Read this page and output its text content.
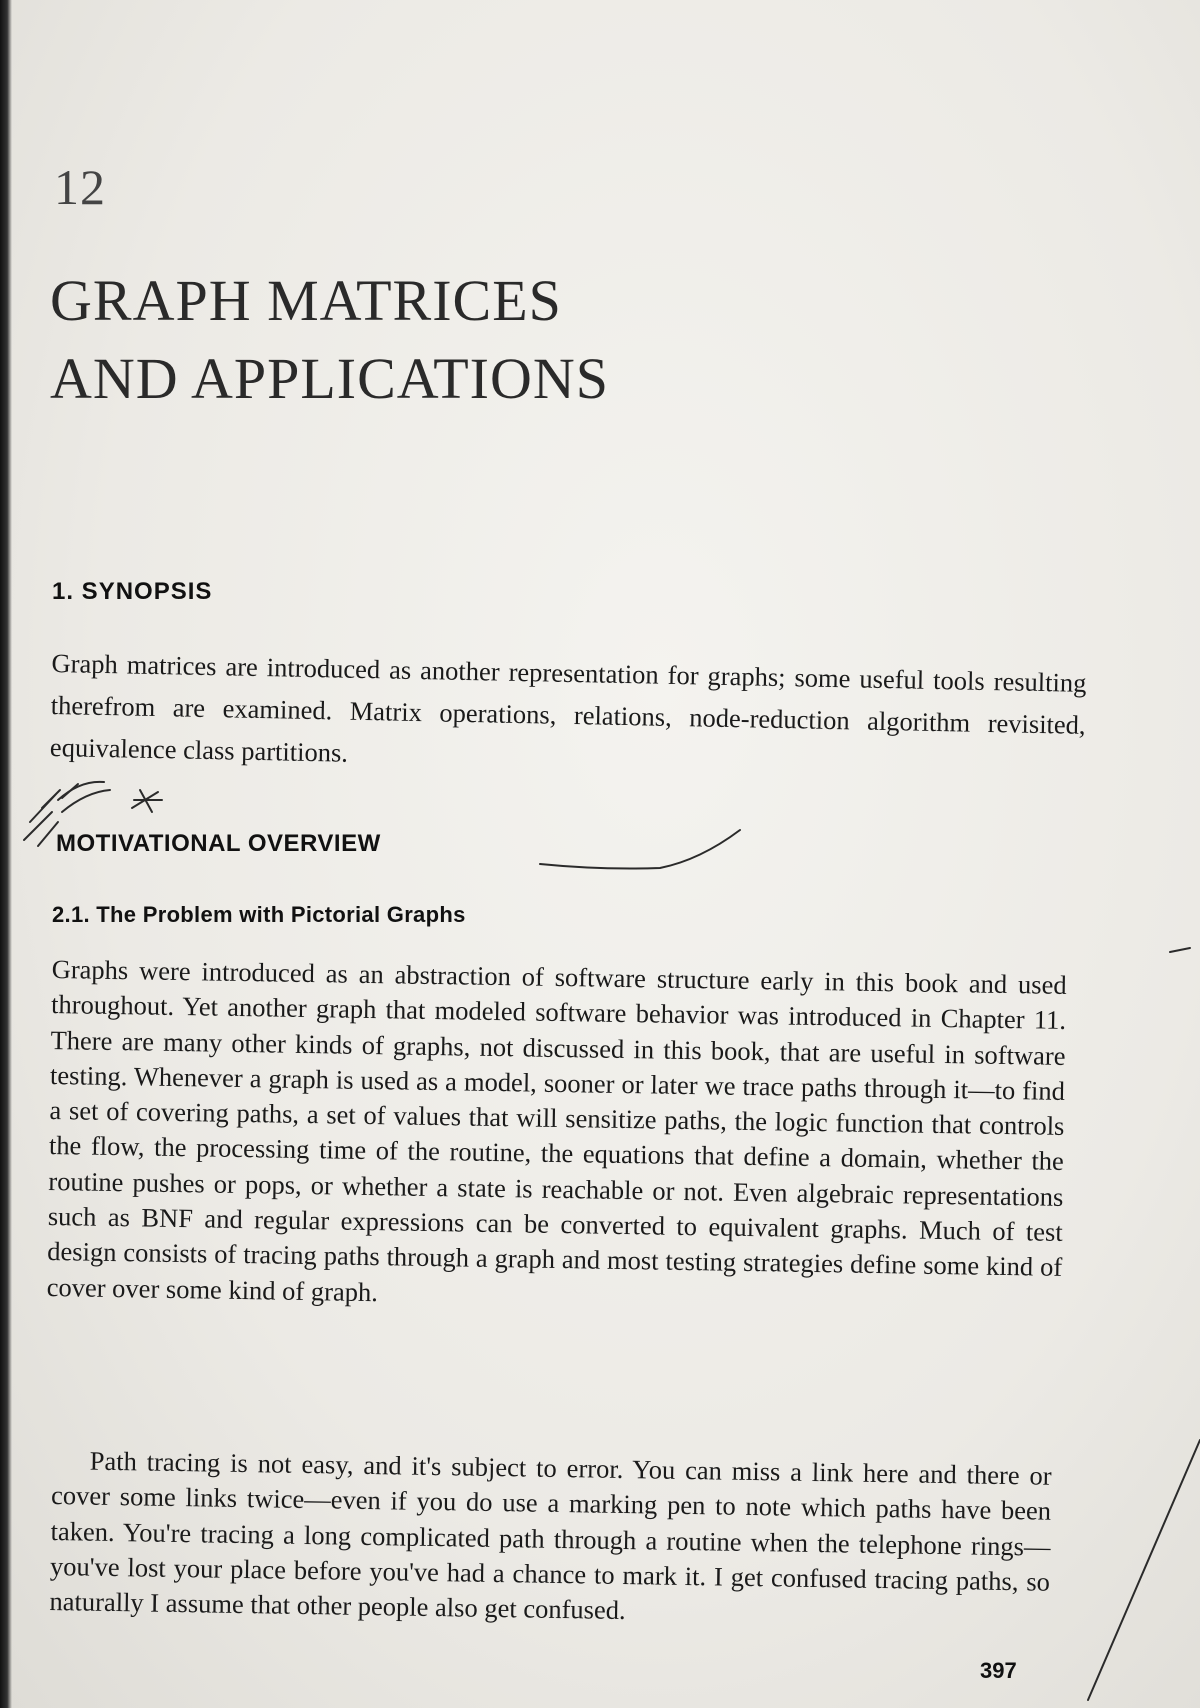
12
GRAPH MATRICES
AND APPLICATIONS
1. SYNOPSIS

Graph matrices are introduced as another representation for graphs; some useful tools resulting therefrom are examined. Matrix operations, relations, node-reduction algorithm revisited, equivalence class partitions.

MOTIVATIONAL OVERVIEW
2.1. The Problem with Pictorial Graphs

Graphs were introduced as an abstraction of software structure early in this book and used throughout. Yet another graph that modeled software behavior was introduced in Chapter 11. There are many other kinds of graphs, not discussed in this book, that are useful in software testing. Whenever a graph is used as a model, sooner or later we trace paths through it—to find a set of covering paths, a set of values that will sensitize paths, the logic function that controls the flow, the processing time of the routine, the equations that define a domain, whether the routine pushes or pops, or whether a state is reachable or not. Even algebraic representations such as BNF and regular expressions can be converted to equivalent graphs. Much of test design consists of tracing paths through a graph and most testing strategies define some kind of cover over some kind of graph.

Path tracing is not easy, and it's subject to error. You can miss a link here and there or cover some links twice—even if you do use a marking pen to note which paths have been taken. You're tracing a long complicated path through a routine when the telephone rings—you've lost your place before you've had a chance to mark it. I get confused tracing paths, so naturally I assume that other people also get confused.

397
